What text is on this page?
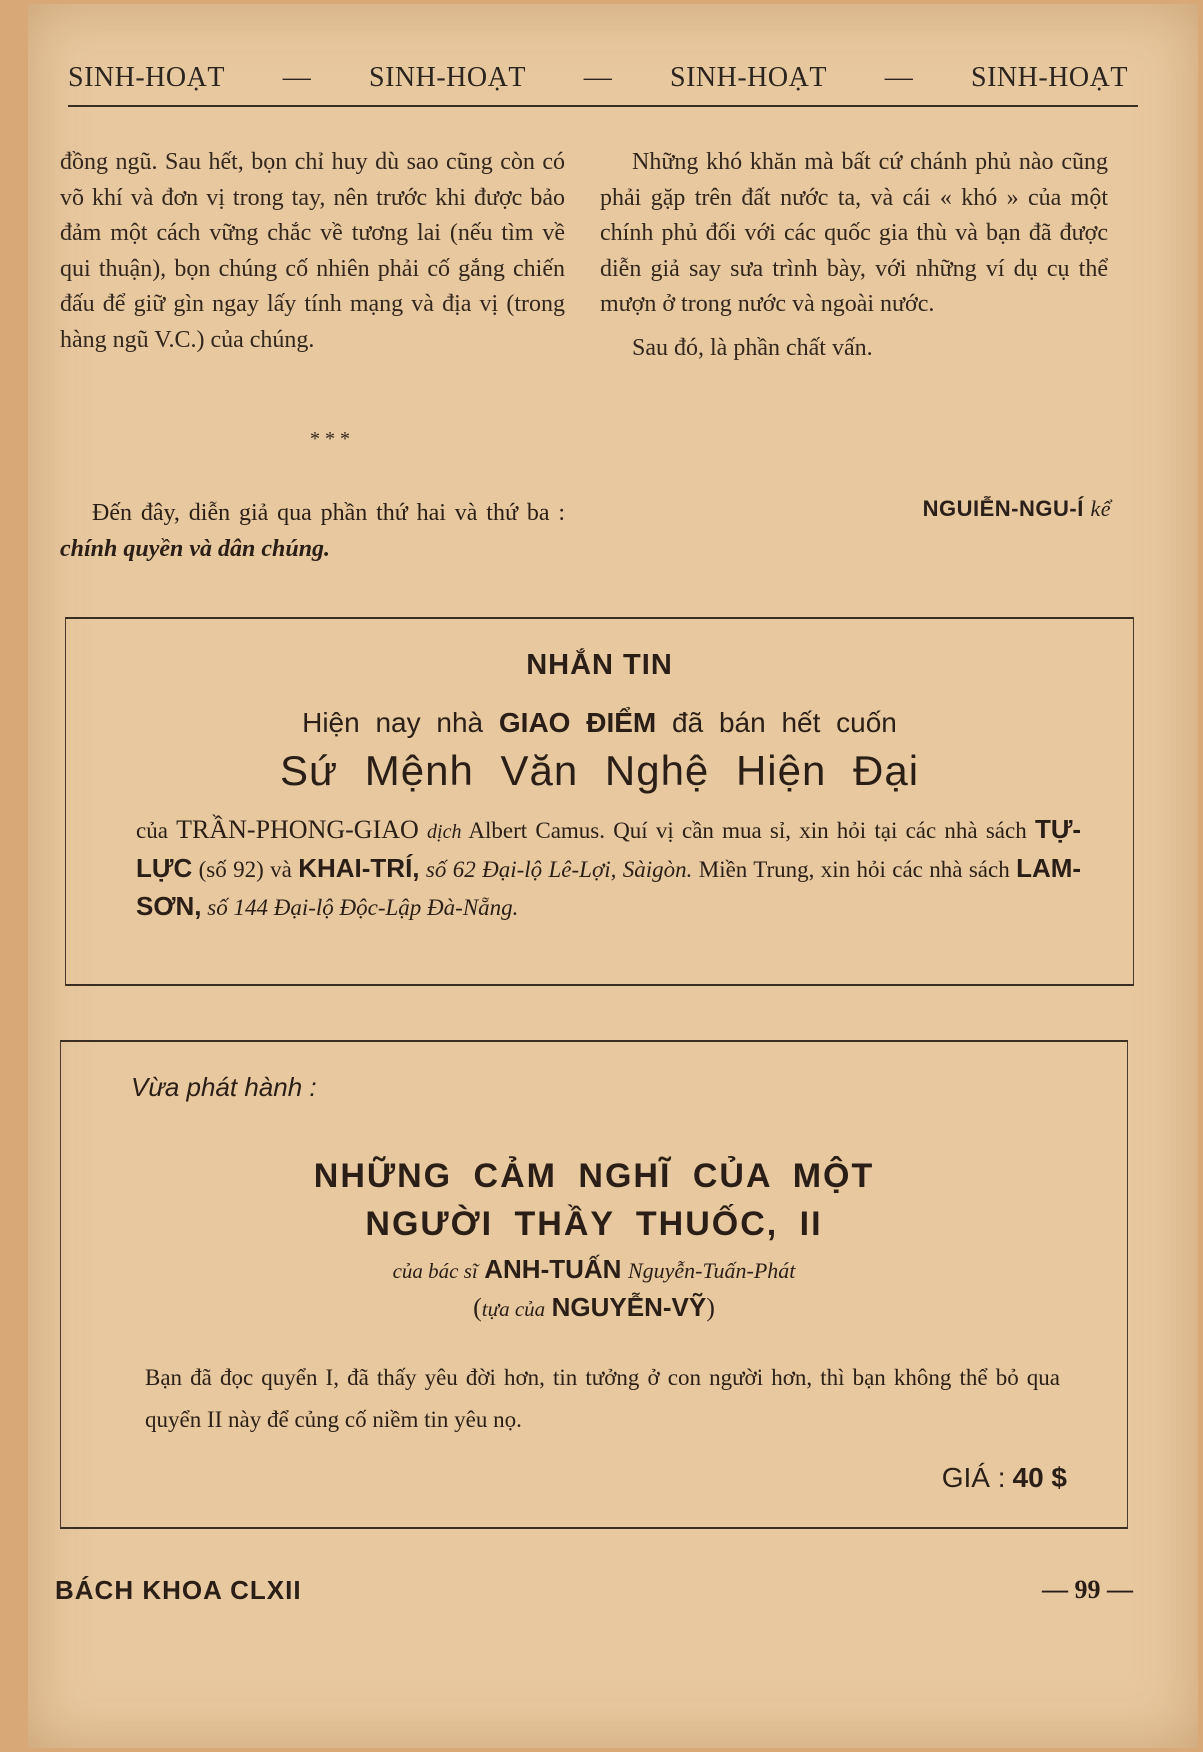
SINH-HOẠT — SINH-HOẠT — SINH-HOẠT — SINH-HOẠT

đồng ngũ. Sau hết, bọn chỉ huy dù sao cũng còn có võ khí và đơn vị trong tay, nên trước khi được bảo đảm một cách vững chắc về tương lai (nếu tìm về qui thuận), bọn chúng cố nhiên phải cố gắng chiến đấu để giữ gìn ngay lấy tính mạng và địa vị (trong hàng ngũ V.C.) của chúng.

* * *

Đến đây, diễn giả qua phần thứ hai và thứ ba : chính quyền và dân chúng.

Những khó khăn mà bất cứ chánh phủ nào cũng phải gặp trên đất nước ta, và cái « khó » của một chính phủ đối với các quốc gia thù và bạn đã được diễn giả say sưa trình bày, với những ví dụ cụ thể mượn ở trong nước và ngoài nước.

Sau đó, là phần chất vấn.

NGUIỄN-NGU-Í kể
NHẮN TIN
Hiện nay nhà GIAO ĐIỂM đã bán hết cuốn
Sứ Mệnh Văn Nghệ Hiện Đại
của TRẦN-PHONG-GIAO dịch Albert Camus. Quí vị cần mua sỉ, xin hỏi tại các nhà sách TỰ-LỰC (số 92) và KHAI-TRÍ, số 62 Đại-lộ Lê-Lợi, Sàigòn. Miền Trung, xin hỏi các nhà sách LAM-SƠN, số 144 Đại-lộ Độc-Lập Đà-Nẵng.
Vừa phát hành :
NHỮNG CẢM NGHĨ CỦA MỘT
NGƯỜI THẦY THUỐC, II
của bác sĩ ANH-TUẤN Nguyễn-Tuấn-Phát
(tựa của NGUYỄN-VỸ)
Bạn đã đọc quyển I, đã thấy yêu đời hơn, tin tưởng ở con người hơn, thì bạn không thể bỏ qua quyển II này để củng cố niềm tin yêu nọ.
GIÁ : 40 $
BÁCH KHOA CLXII	— 99 —
